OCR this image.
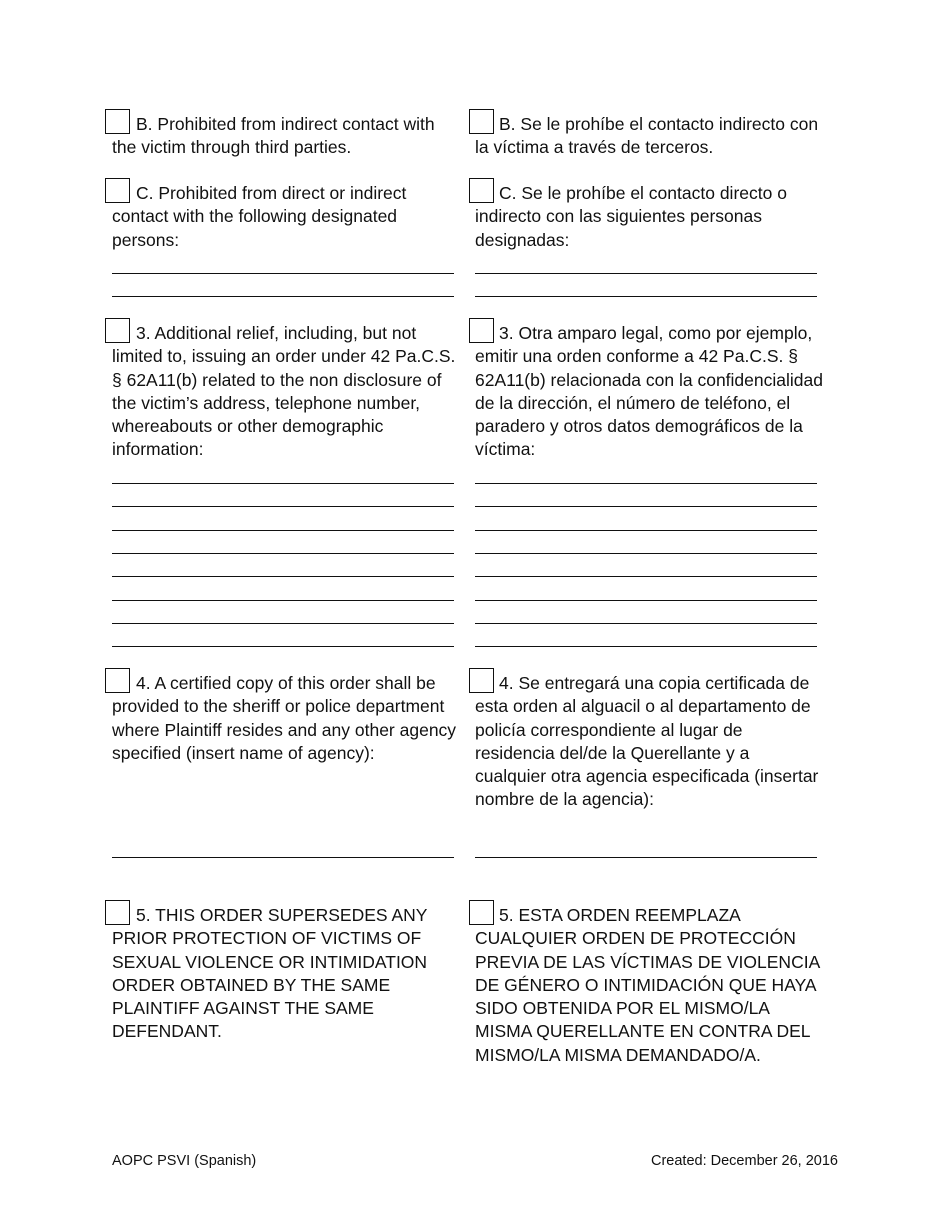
B. Prohibited from indirect contact with the victim through third parties.
C. Prohibited from direct or indirect contact with the following designated persons:
3. Additional relief, including, but not limited to, issuing an order under 42 Pa.C.S. § 62A11(b) related to the non disclosure of the victim’s address, telephone number, whereabouts or other demographic information:
4. A certified copy of this order shall be provided to the sheriff or police department where Plaintiff resides and any other agency specified (insert name of agency):
5. THIS ORDER SUPERSEDES ANY PRIOR PROTECTION OF VICTIMS OF SEXUAL VIOLENCE OR INTIMIDATION ORDER OBTAINED BY THE SAME PLAINTIFF AGAINST THE SAME DEFENDANT.
B. Se le prohíbe el contacto indirecto con la víctima a través de terceros.
C. Se le prohíbe el contacto directo o indirecto con las siguientes personas designadas:
3. Otra amparo legal, como por ejemplo, emitir una orden conforme a 42 Pa.C.S. § 62A11(b) relacionada con la confidencialidad de la dirección, el número de teléfono, el paradero y otros datos demográficos de la víctima:
4. Se entregará una copia certificada de esta orden al alguacil o al departamento de policía correspondiente al lugar de residencia del/de la Querellante y a cualquier otra agencia especificada (insertar nombre de la agencia):
5. ESTA ORDEN REEMPLAZA CUALQUIER ORDEN DE PROTECCIÓN PREVIA DE LAS VÍCTIMAS DE VIOLENCIA DE GÉNERO O INTIMIDACIÓN QUE HAYA SIDO OBTENIDA POR EL MISMO/LA MISMA QUERELLANTE EN CONTRA DEL MISMO/LA MISMA DEMANDADO/A.
AOPC PSVI (Spanish)	Created: December 26, 2016
